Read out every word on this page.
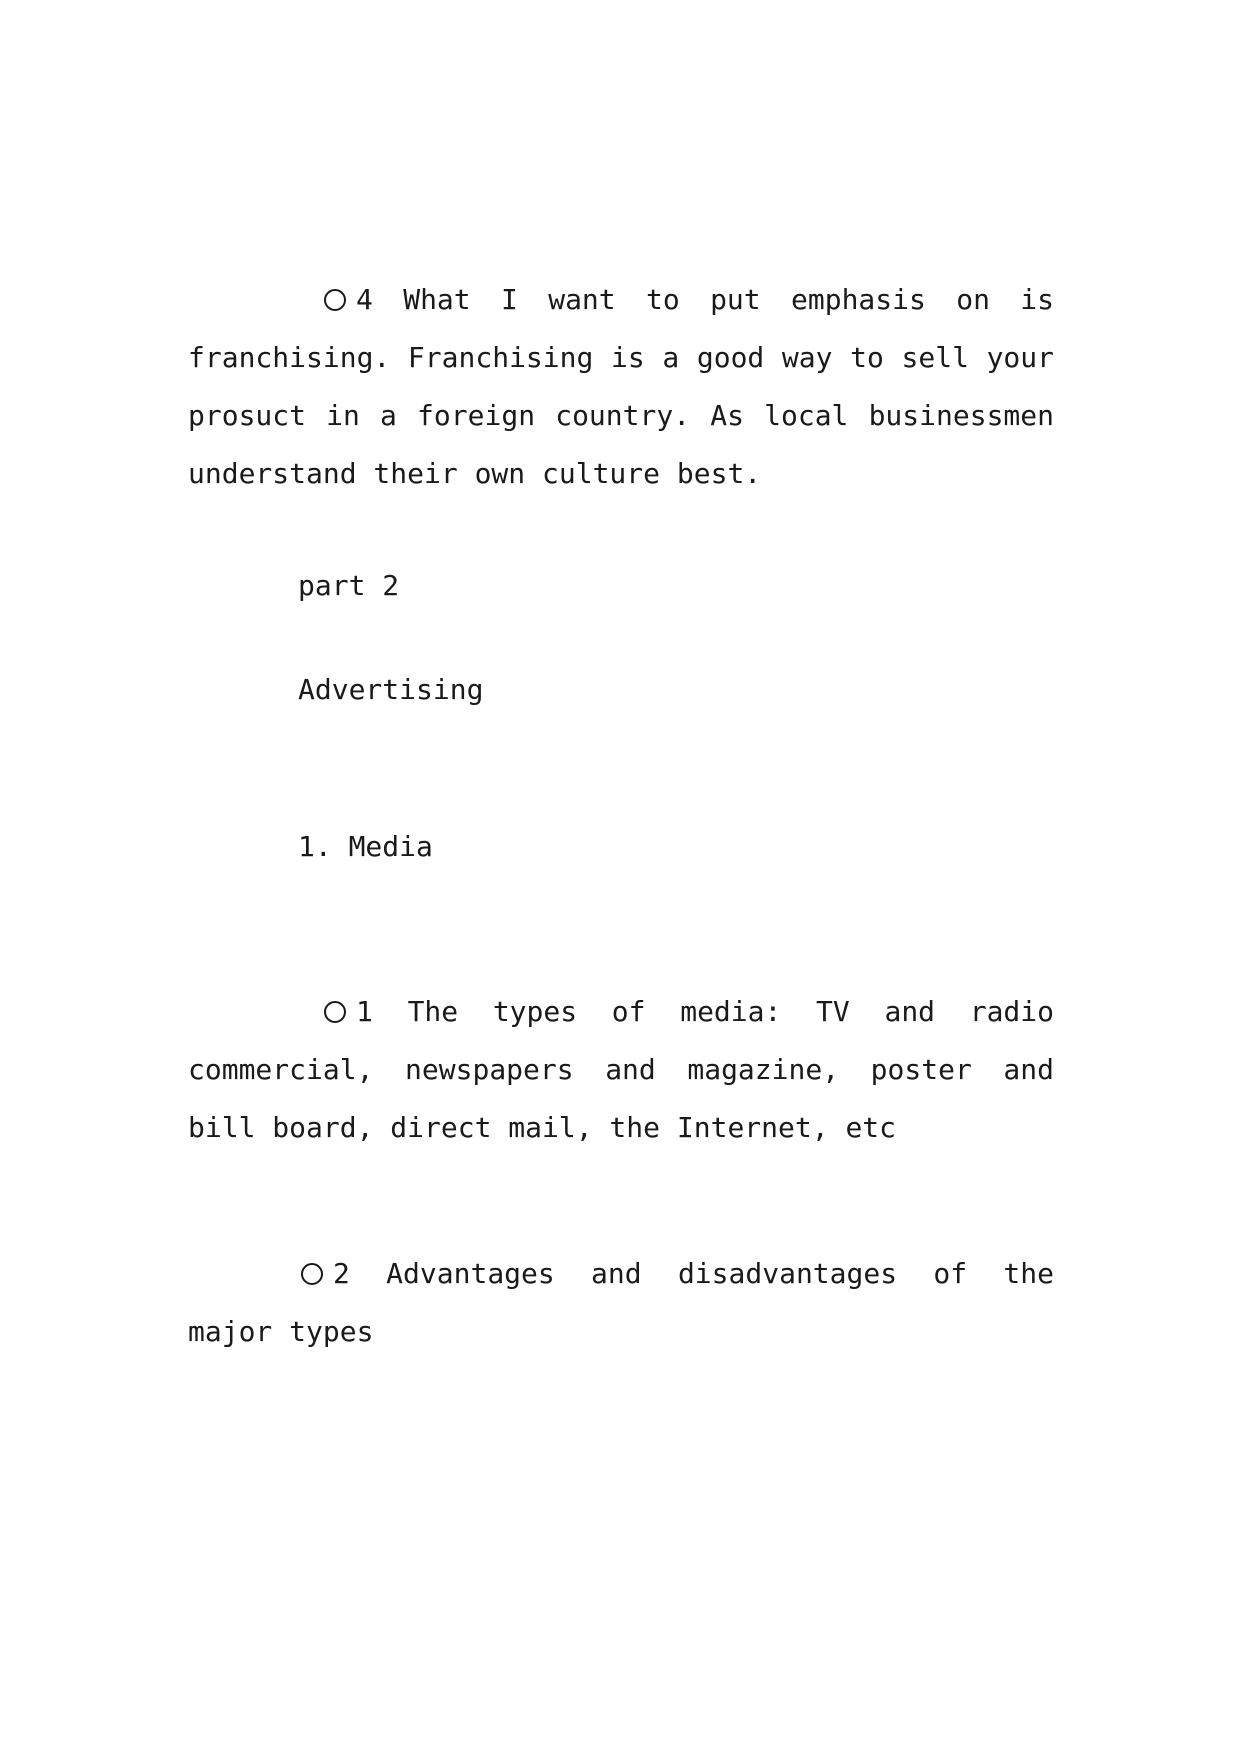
4 What I want to put emphasis on is franchising. Franchising is a good way to sell your prosuct in a foreign country. As local businessmen understand their own culture best.

part 2

Advertising

1. Media

1 The types of media: TV and radio commercial, newspapers and magazine, poster and bill board, direct mail, the Internet, etc

2 Advantages and disadvantages of the major types
